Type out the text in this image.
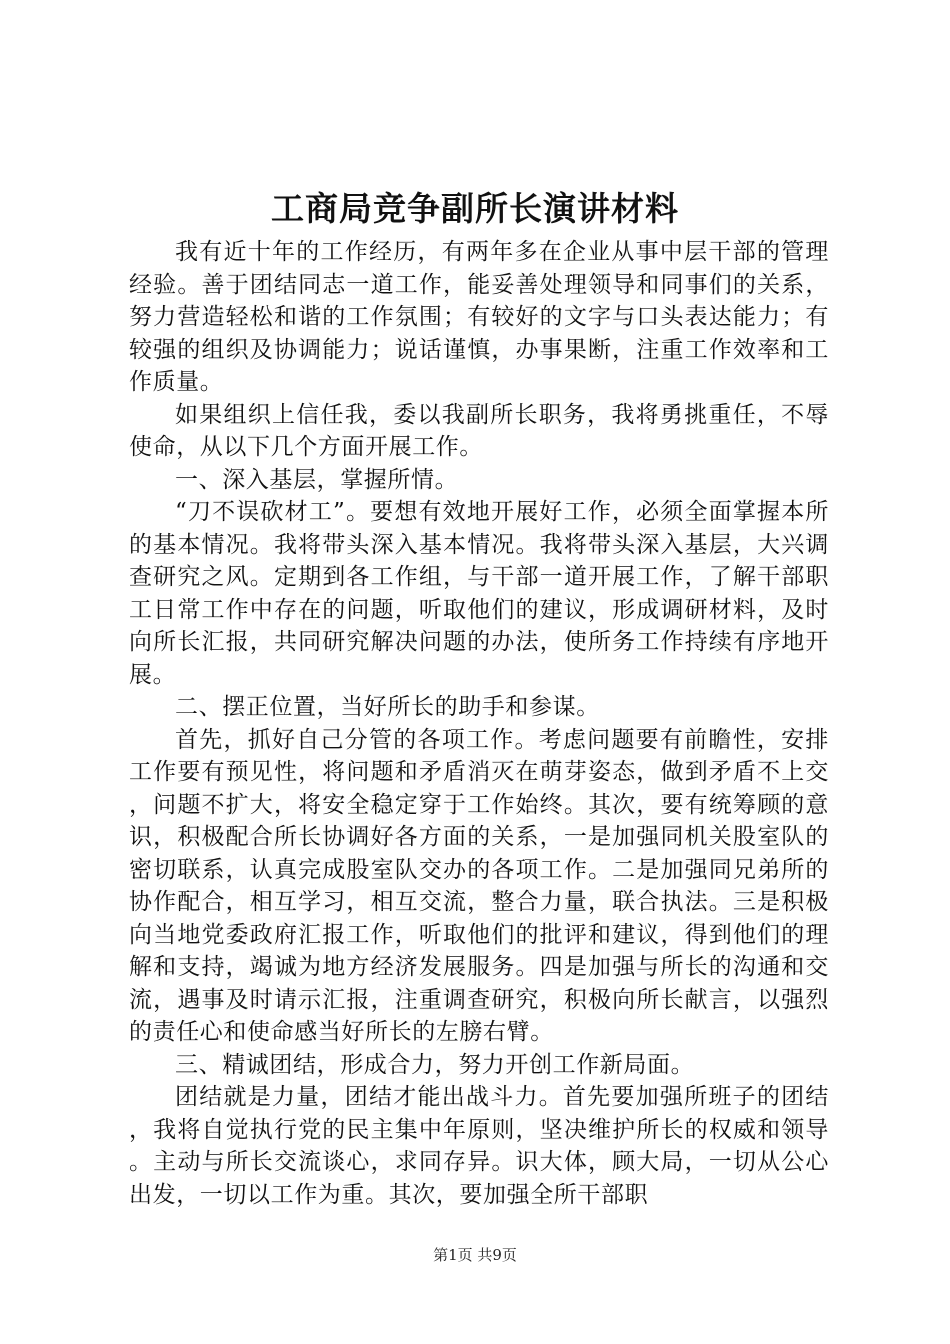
工商局竞争副所长演讲材料

我有近十年的工作经历，有两年多在企业从事中层干部的管理经验。善于团结同志一道工作，能妥善处理领导和同事们的关系，努力营造轻松和谐的工作氛围；有较好的文字与口头表达能力；有较强的组织及协调能力；说话谨慎，办事果断，注重工作效率和工作质量。

如果组织上信任我，委以我副所长职务，我将勇挑重任，不辱使命，从以下几个方面开展工作。

一、深入基层，掌握所情。

“刀不误砍材工”。要想有效地开展好工作，必须全面掌握本所的基本情况。我将带头深入基本情况。我将带头深入基层，大兴调查研究之风。定期到各工作组，与干部一道开展工作，了解干部职工日常工作中存在的问题，听取他们的建议，形成调研材料，及时向所长汇报，共同研究解决问题的办法，使所务工作持续有序地开展。

二、摆正位置，当好所长的助手和参谋。

首先，抓好自己分管的各项工作。考虑问题要有前瞻性，安排工作要有预见性，将问题和矛盾消灭在萌芽姿态，做到矛盾不上交，问题不扩大，将安全稳定穿于工作始终。其次，要有统筹顾的意识，积极配合所长协调好各方面的关系，一是加强同机关股室队的密切联系，认真完成股室队交办的各项工作。二是加强同兄弟所的协作配合，相互学习，相互交流，整合力量，联合执法。三是积极向当地党委政府汇报工作，听取他们的批评和建议，得到他们的理解和支持，竭诚为地方经济发展服务。四是加强与所长的沟通和交流，遇事及时请示汇报，注重调查研究，积极向所长献言，以强烈的责任心和使命感当好所长的左膀右臂。

三、精诚团结，形成合力，努力开创工作新局面。

团结就是力量，团结才能出战斗力。首先要加强所班子的团结，我将自觉执行党的民主集中年原则，坚决维护所长的权威和领导。主动与所长交流谈心，求同存异。识大体，顾大局，一切从公心出发，一切以工作为重。其次，要加强全所干部职

第1页 共9页
